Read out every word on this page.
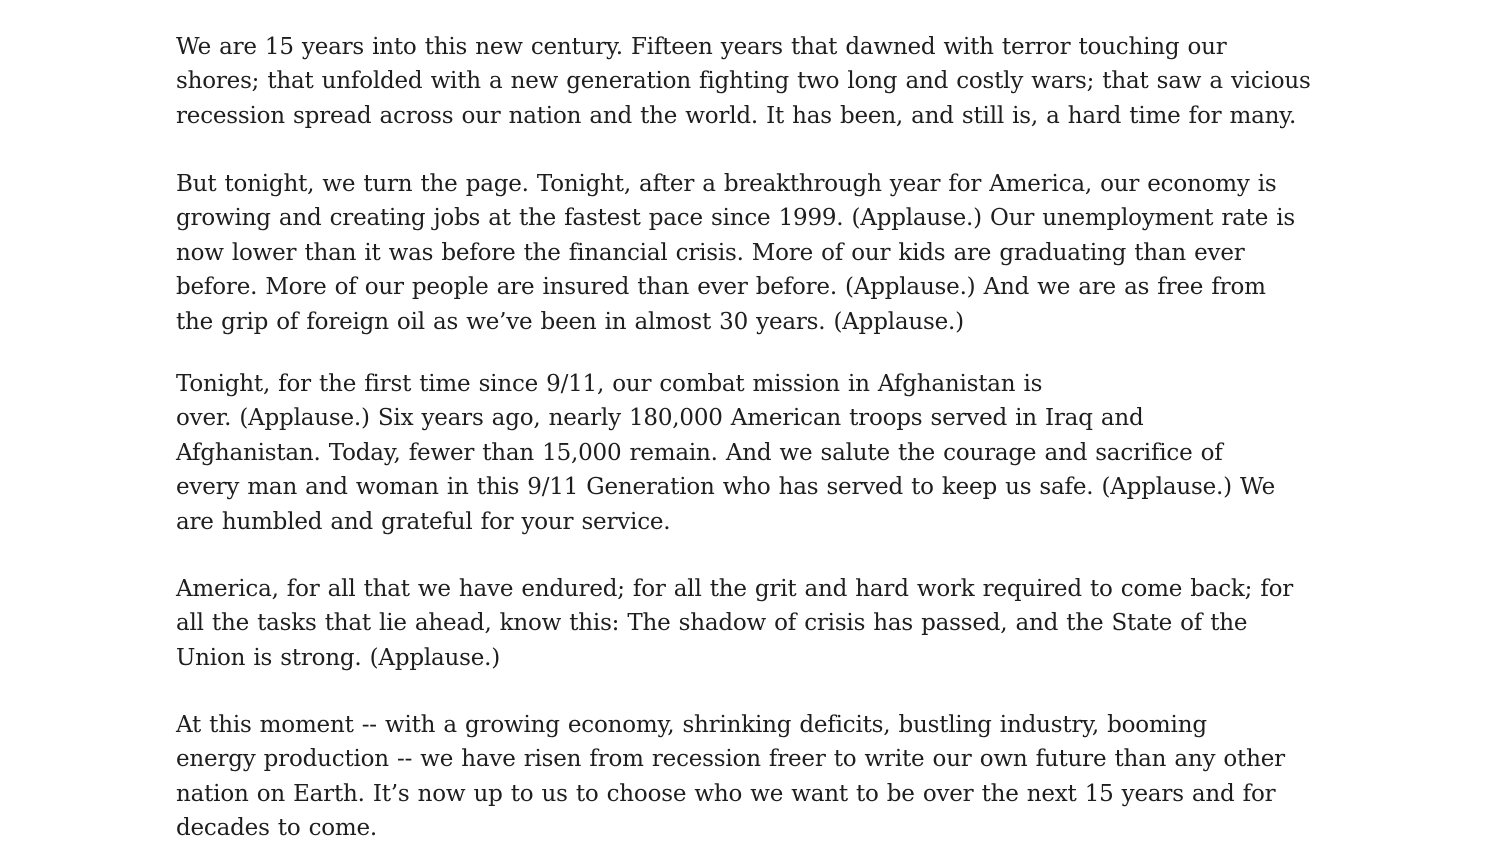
We are 15 years into this new century. Fifteen years that dawned with terror touching our
shores; that unfolded with a new generation fighting two long and costly wars; that saw a vicious
recession spread across our nation and the world. It has been, and still is, a hard time for many.
But tonight, we turn the page. Tonight, after a breakthrough year for America, our economy is
growing and creating jobs at the fastest pace since 1999. (Applause.) Our unemployment rate is
now lower than it was before the financial crisis. More of our kids are graduating than ever
before. More of our people are insured than ever before. (Applause.) And we are as free from
the grip of foreign oil as we’ve been in almost 30 years. (Applause.)
Tonight, for the first time since 9/11, our combat mission in Afghanistan is
over. (Applause.) Six years ago, nearly 180,000 American troops served in Iraq and
Afghanistan. Today, fewer than 15,000 remain. And we salute the courage and sacrifice of
every man and woman in this 9/11 Generation who has served to keep us safe. (Applause.) We
are humbled and grateful for your service.
America, for all that we have endured; for all the grit and hard work required to come back; for
all the tasks that lie ahead, know this: The shadow of crisis has passed, and the State of the
Union is strong. (Applause.)
At this moment -- with a growing economy, shrinking deficits, bustling industry, booming
energy production -- we have risen from recession freer to write our own future than any other
nation on Earth. It’s now up to us to choose who we want to be over the next 15 years and for
decades to come.
